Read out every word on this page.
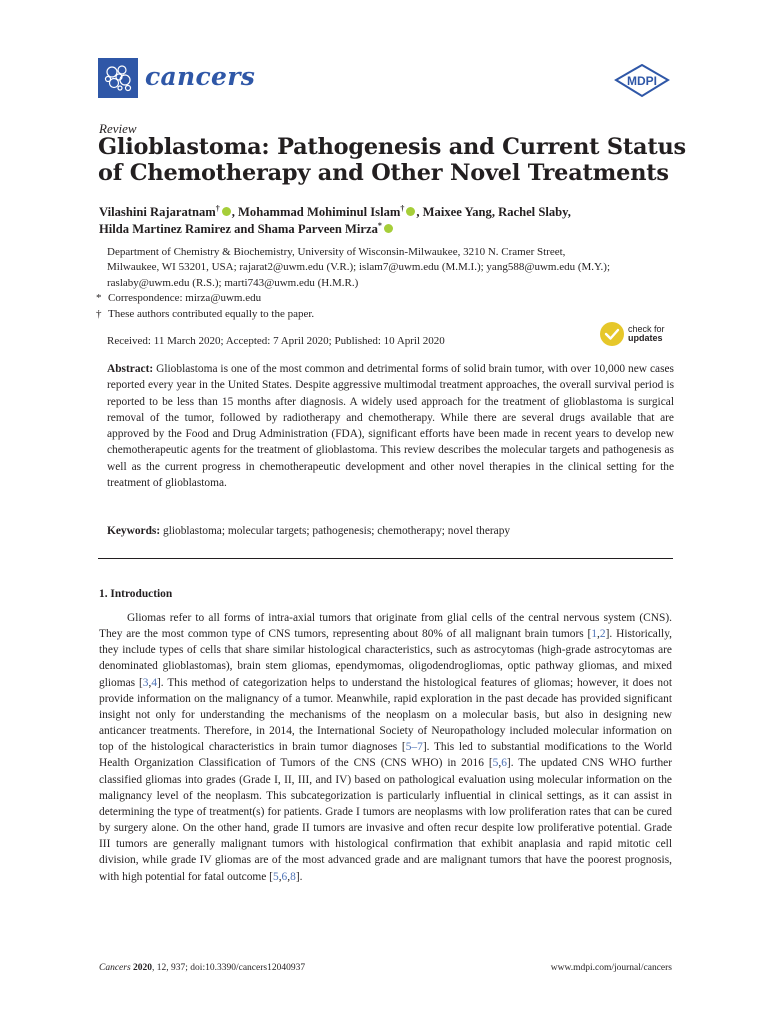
cancers	MDPI
Review
Glioblastoma: Pathogenesis and Current Status of Chemotherapy and Other Novel Treatments
Vilashini Rajaratnam† , Mohammad Mohiminul Islam† , Maixee Yang, Rachel Slaby,
Hilda Martinez Ramirez and Shama Parveen Mirza*
Department of Chemistry & Biochemistry, University of Wisconsin-Milwaukee, 3210 N. Cramer Street,
Milwaukee, WI 53201, USA; rajarat2@uwm.edu (V.R.); islam7@uwm.edu (M.M.I.); yang588@uwm.edu (M.Y.);
raslaby@uwm.edu (R.S.); marti743@uwm.edu (H.M.R.)
* Correspondence: mirza@uwm.edu
† These authors contributed equally to the paper.
Received: 11 March 2020; Accepted: 7 April 2020; Published: 10 April 2020
check for
updates
Abstract: Glioblastoma is one of the most common and detrimental forms of solid brain tumor, with over 10,000 new cases reported every year in the United States. Despite aggressive multimodal treatment approaches, the overall survival period is reported to be less than 15 months after diagnosis. A widely used approach for the treatment of glioblastoma is surgical removal of the tumor, followed by radiotherapy and chemotherapy. While there are several drugs available that are approved by the Food and Drug Administration (FDA), significant efforts have been made in recent years to develop new chemotherapeutic agents for the treatment of glioblastoma. This review describes the molecular targets and pathogenesis as well as the current progress in chemotherapeutic development and other novel therapies in the clinical setting for the treatment of glioblastoma.
Keywords: glioblastoma; molecular targets; pathogenesis; chemotherapy; novel therapy
1. Introduction
Gliomas refer to all forms of intra-axial tumors that originate from glial cells of the central nervous system (CNS). They are the most common type of CNS tumors, representing about 80% of all malignant brain tumors [1,2]. Historically, they include types of cells that share similar histological characteristics, such as astrocytomas (high-grade astrocytomas are denominated glioblastomas), brain stem gliomas, ependymomas, oligodendrogliomas, optic pathway gliomas, and mixed gliomas [3,4]. This method of categorization helps to understand the histological features of gliomas; however, it does not provide information on the malignancy of a tumor. Meanwhile, rapid exploration in the past decade has provided significant insight not only for understanding the mechanisms of the neoplasm on a molecular basis, but also in designing new anticancer treatments. Therefore, in 2014, the International Society of Neuropathology included molecular information on top of the histological characteristics in brain tumor diagnoses [5–7]. This led to substantial modifications to the World Health Organization Classification of Tumors of the CNS (CNS WHO) in 2016 [5,6]. The updated CNS WHO further classified gliomas into grades (Grade I, II, III, and IV) based on pathological evaluation using molecular information on the malignancy level of the neoplasm. This subcategorization is particularly influential in clinical settings, as it can assist in determining the type of treatment(s) for patients. Grade I tumors are neoplasms with low proliferation rates that can be cured by surgery alone. On the other hand, grade II tumors are invasive and often recur despite low proliferative potential. Grade III tumors are generally malignant tumors with histological confirmation that exhibit anaplasia and rapid mitotic cell division, while grade IV gliomas are of the most advanced grade and are malignant tumors that have the poorest prognosis, with high potential for fatal outcome [5,6,8].
Cancers 2020, 12, 937; doi:10.3390/cancers12040937	www.mdpi.com/journal/cancers
